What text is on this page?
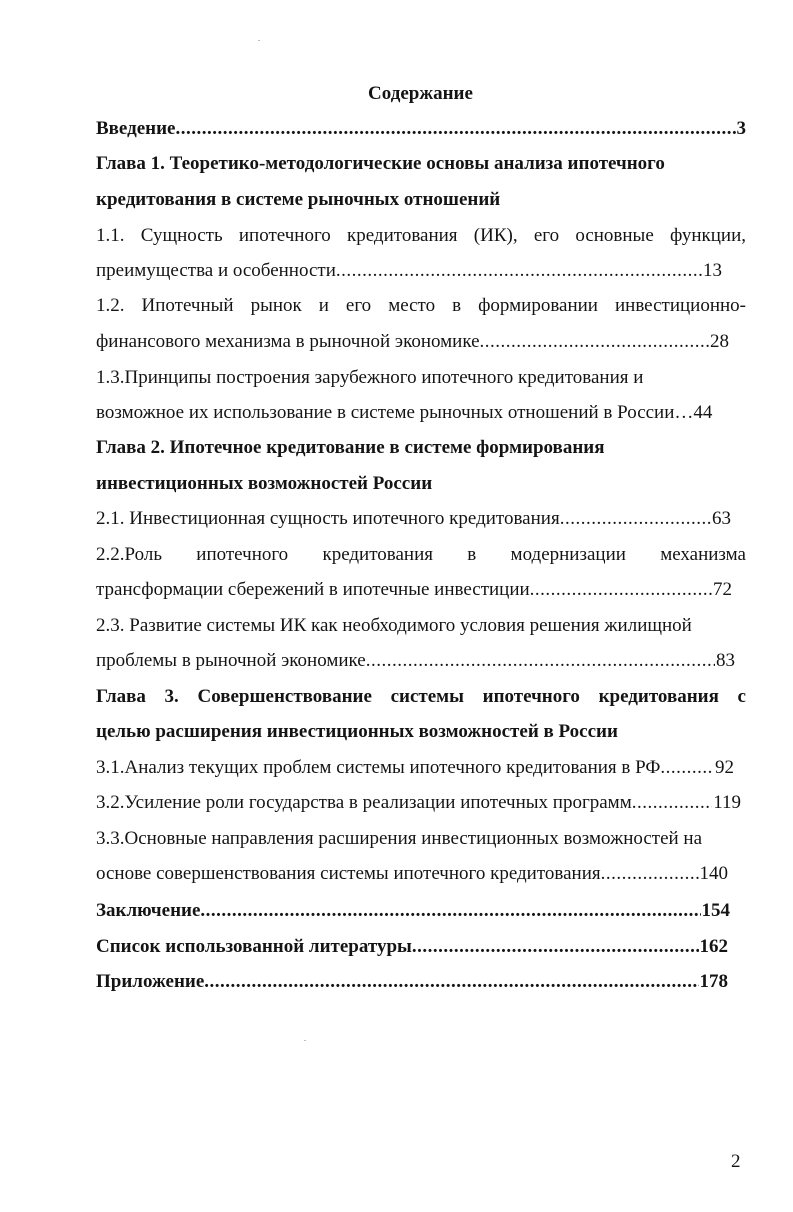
Содержание
Введение .....	3
Глава 1. Теоретико-методологические основы анализа ипотечного
кредитования в системе рыночных отношений
1.1. Сущность ипотечного кредитования (ИК), его основные функции,
преимущества и особенности .....	13
1.2. Ипотечный рынок и его место в формировании инвестиционно-
финансового механизма в рыночной экономике .....	28
1.3.Принципы построения зарубежного ипотечного кредитования и
возможное их использование в системе рыночных отношений в России…44
Глава 2. Ипотечное кредитование в системе формирования
инвестиционных возможностей России
2.1. Инвестиционная сущность ипотечного кредитования .....	63
2.2.Роль ипотечного кредитования в модернизации механизма
трансформации сбережений в ипотечные инвестиции .....	72
2.3. Развитие системы ИК как необходимого условия решения жилищной
проблемы в рыночной экономике .....	83
Глава 3. Совершенствование системы ипотечного кредитования с
целью расширения инвестиционных возможностей в России
3.1.Анализ текущих проблем системы ипотечного кредитования в РФ .....	92
3.2.Усиление роли государства в реализации ипотечных программ .....	119
3.3.Основные направления расширения инвестиционных возможностей на
основе совершенствования системы ипотечного кредитования .....	140
Заключение .....	154
Список использованной литературы .....	162
Приложение .....	178
2
